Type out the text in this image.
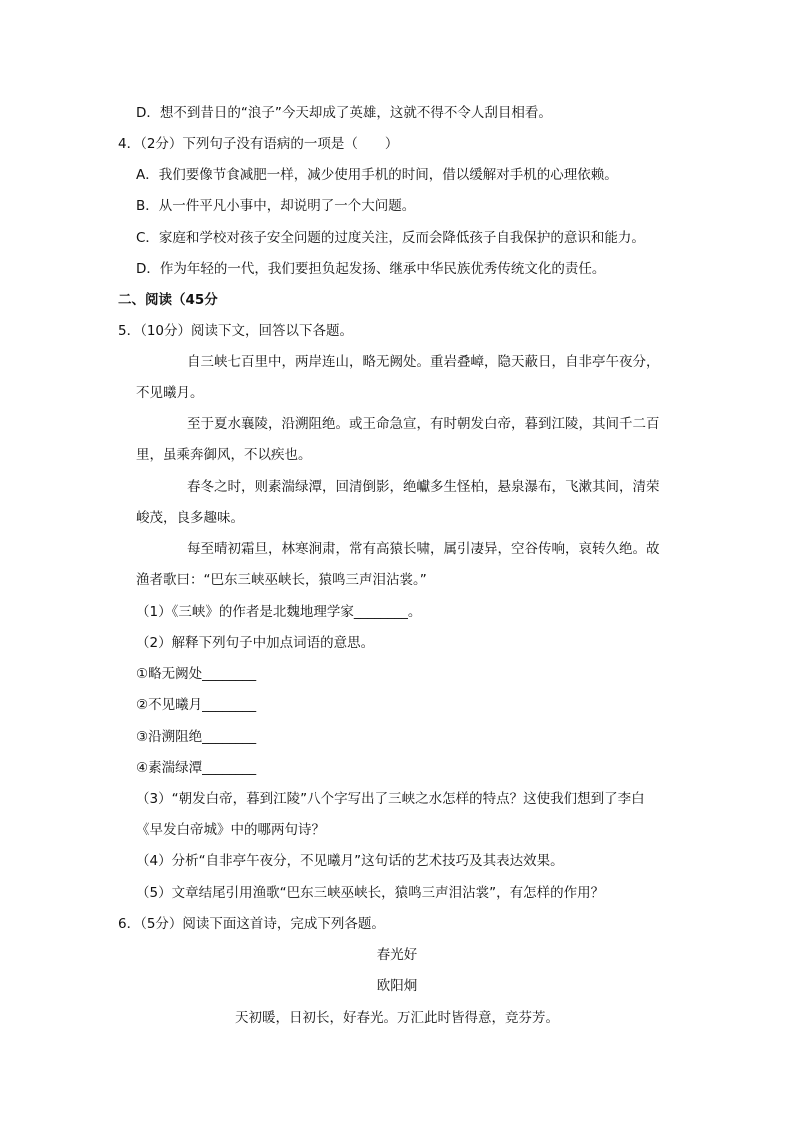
D．想不到昔日的“浪子”今天却成了英雄，这就不得不令人刮目相看。
4．（2分）下列句子没有语病的一项是（　　）
A．我们要像节食减肥一样，减少使用手机的时间，借以缓解对手机的心理依赖。
B．从一件平凡小事中，却说明了一个大问题。
C．家庭和学校对孩子安全问题的过度关注，反而会降低孩子自我保护的意识和能力。
D．作为年轻的一代，我们要担负起发扬、继承中华民族优秀传统文化的责任。
二、阅读（45分
5．（10分）阅读下文，回答以下各题。
自三峡七百里中，两岸连山，略无阙处。重岩叠嶂，隐天蔽日，自非亭午夜分，
不见曦月。
至于夏水襄陵，沿溯阻绝。或王命急宣，有时朝发白帝，暮到江陵，其间千二百
里，虽乘奔御风，不以疾也。
春冬之时，则素湍绿潭，回清倒影，绝巘多生怪柏，悬泉瀑布，飞漱其间，清荣
峻茂，良多趣味。
每至晴初霜旦，林寒涧肃，常有高猿长啸，属引凄异，空谷传响，哀转久绝。故
渔者歌曰：“巴东三峡巫峡长，猿鸣三声泪沾裳。”
（1）《三峡》的作者是北魏地理学家________。
（2）解释下列句子中加点词语的意思。
①略无阙处________
②不见曦月________
③沿溯阻绝________
④素湍绿潭________
（3）“朝发白帝，暮到江陵”八个字写出了三峡之水怎样的特点？这使我们想到了李白
《早发白帝城》中的哪两句诗？
（4）分析“自非亭午夜分，不见曦月”这句话的艺术技巧及其表达效果。
（5）文章结尾引用渔歌“巴东三峡巫峡长，猿鸣三声泪沾裳”，有怎样的作用？
6．（5分）阅读下面这首诗，完成下列各题。
春光好
欧阳炯
天初暖，日初长，好春光。万汇此时皆得意，竞芬芳。
